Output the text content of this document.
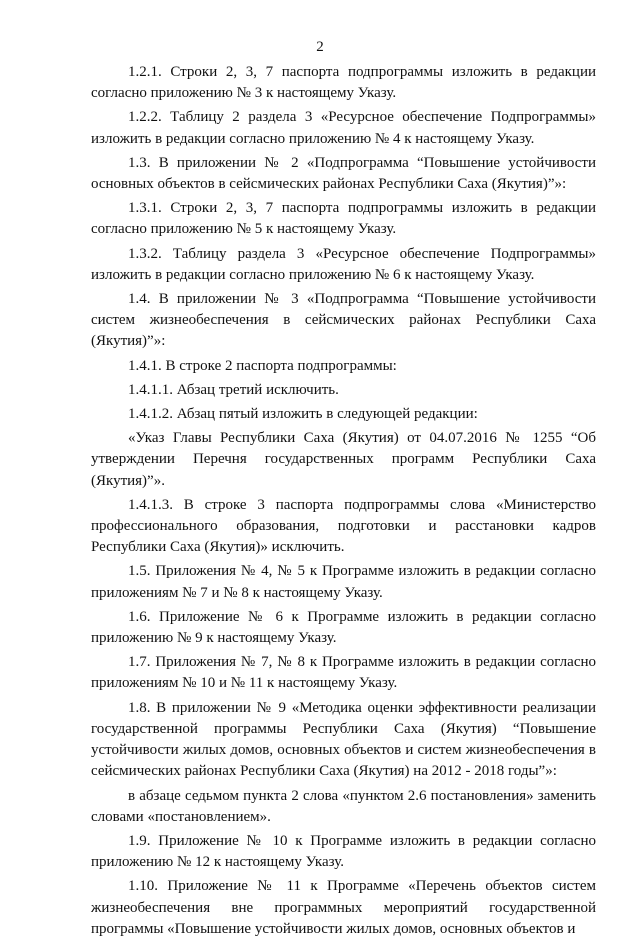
2

1.2.1. Строки 2, 3, 7 паспорта подпрограммы изложить в редакции согласно приложению № 3 к настоящему Указу.

1.2.2. Таблицу 2 раздела 3 «Ресурсное обеспечение Подпрограммы» изложить в редакции согласно приложению № 4 к настоящему Указу.

1.3. В приложении № 2 «Подпрограмма “Повышение устойчивости основных объектов в сейсмических районах Республики Саха (Якутия)”»:

1.3.1. Строки 2, 3, 7 паспорта подпрограммы изложить в редакции согласно приложению № 5 к настоящему Указу.

1.3.2. Таблицу раздела 3 «Ресурсное обеспечение Подпрограммы» изложить в редакции согласно приложению № 6 к настоящему Указу.

1.4. В приложении № 3 «Подпрограмма “Повышение устойчивости систем жизнеобеспечения в сейсмических районах Республики Саха (Якутия)”»:

1.4.1. В строке 2 паспорта подпрограммы:

1.4.1.1. Абзац третий исключить.

1.4.1.2. Абзац пятый изложить в следующей редакции:

«Указ Главы Республики Саха (Якутия) от 04.07.2016 № 1255 “Об утверждении Перечня государственных программ Республики Саха (Якутия)”».

1.4.1.3. В строке 3 паспорта подпрограммы слова «Министерство профессионального образования, подготовки и расстановки кадров Республики Саха (Якутия)» исключить.

1.5. Приложения № 4, № 5 к Программе изложить в редакции согласно приложениям № 7 и № 8 к настоящему Указу.

1.6. Приложение № 6 к Программе изложить в редакции согласно приложению № 9 к настоящему Указу.

1.7. Приложения № 7, № 8 к Программе изложить в редакции согласно приложениям № 10 и № 11 к настоящему Указу.

1.8. В приложении № 9 «Методика оценки эффективности реализации государственной программы Республики Саха (Якутия) “Повышение устойчивости жилых домов, основных объектов и систем жизнеобеспечения в сейсмических районах Республики Саха (Якутия) на 2012 - 2018 годы”»:

в абзаце седьмом пункта 2 слова «пунктом 2.6 постановления» заменить словами «постановлением».

1.9. Приложение № 10 к Программе изложить в редакции согласно приложению № 12 к настоящему Указу.

1.10. Приложение № 11 к Программе «Перечень объектов систем жизнеобеспечения вне программных мероприятий государственной программы «Повышение устойчивости жилых домов, основных объектов и
